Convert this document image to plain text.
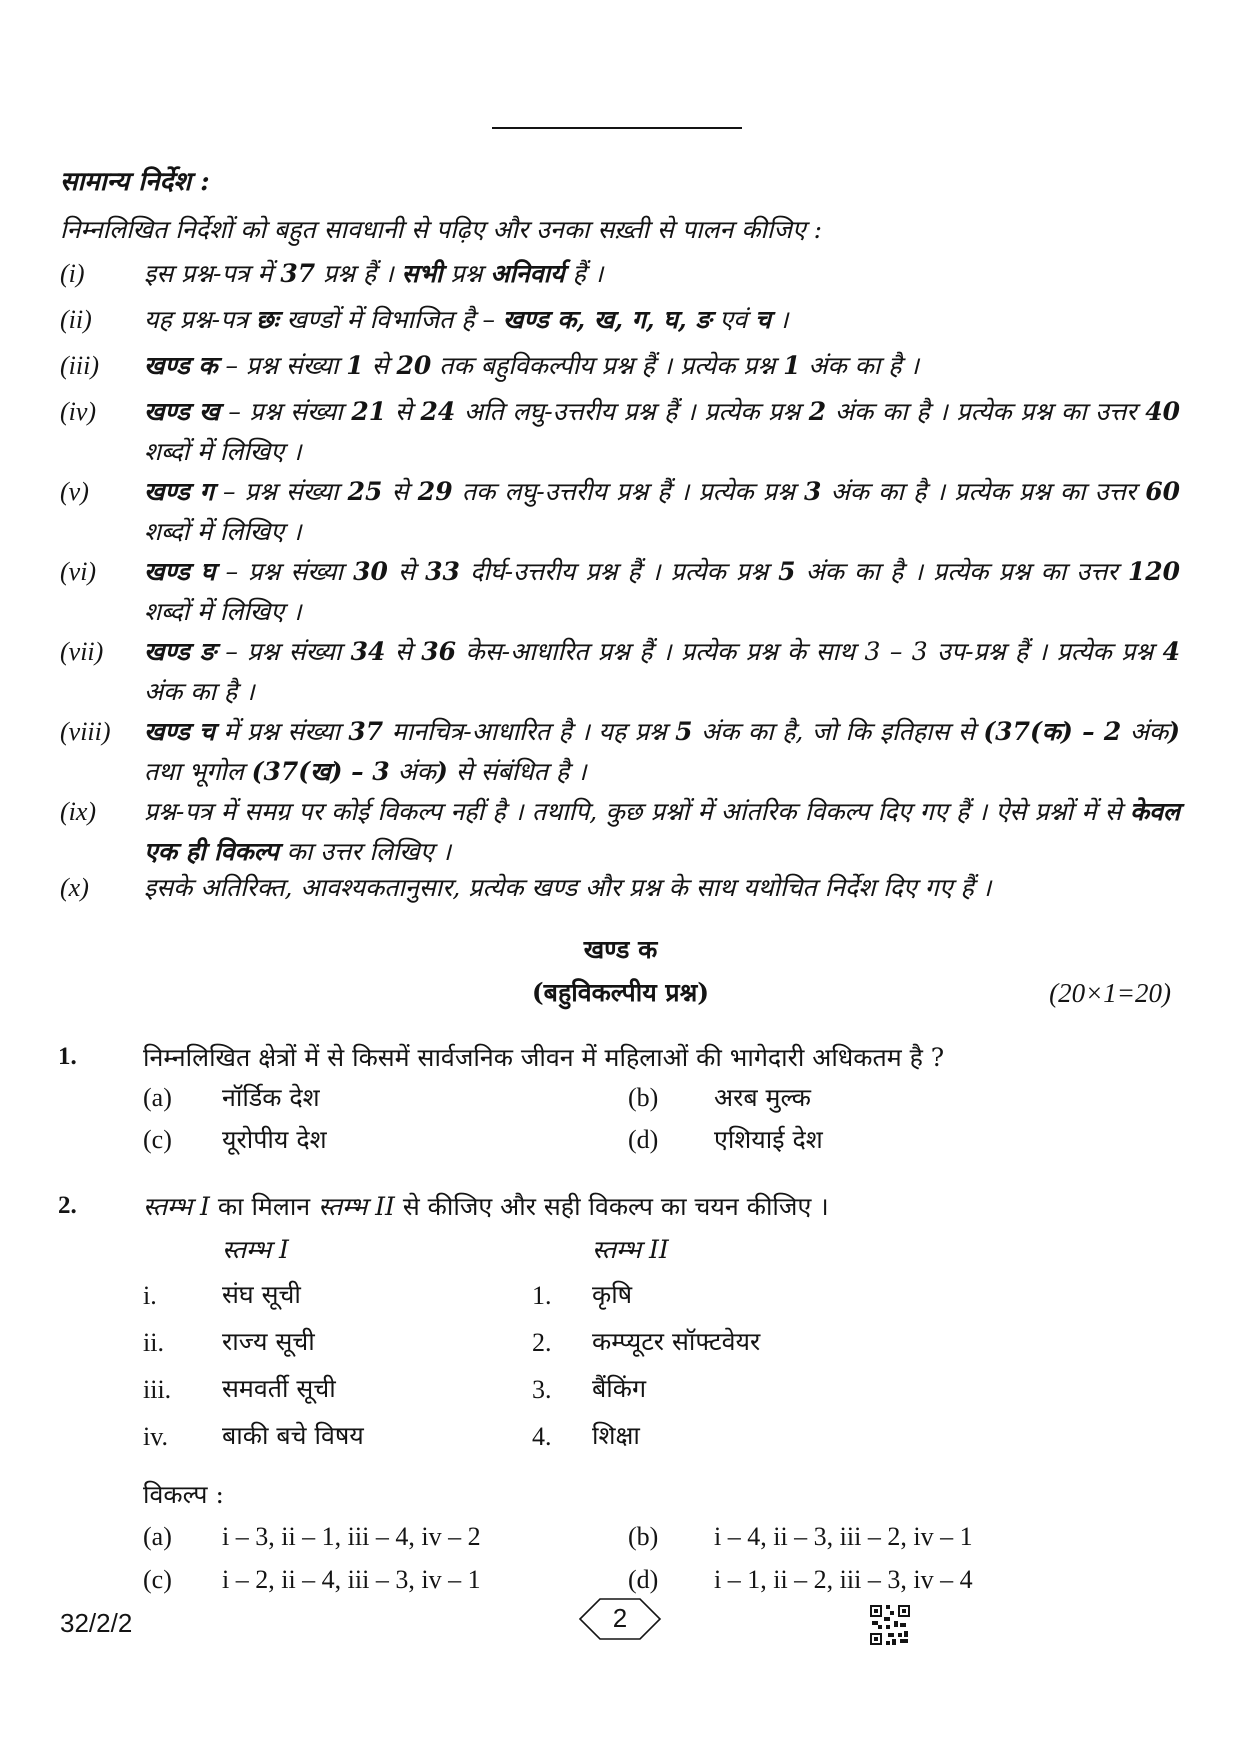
सामान्य निर्देश :
निम्नलिखित निर्देशों को बहुत सावधानी से पढ़िए और उनका सख़्ती से पालन कीजिए :
(i) इस प्रश्न-पत्र में 37 प्रश्न हैं । सभी प्रश्न अनिवार्य हैं ।
(ii) यह प्रश्न-पत्र छः खण्डों में विभाजित है – खण्ड क, ख, ग, घ, ङ एवं च ।
(iii) खण्ड क – प्रश्न संख्या 1 से 20 तक बहुविकल्पीय प्रश्न हैं । प्रत्येक प्रश्न 1 अंक का है ।
(iv) खण्ड ख – प्रश्न संख्या 21 से 24 अति लघु-उत्तरीय प्रश्न हैं । प्रत्येक प्रश्न 2 अंक का है । प्रत्येक प्रश्न का उत्तर 40 शब्दों में लिखिए ।
(v) खण्ड ग – प्रश्न संख्या 25 से 29 तक लघु-उत्तरीय प्रश्न हैं । प्रत्येक प्रश्न 3 अंक का है । प्रत्येक प्रश्न का उत्तर 60 शब्दों में लिखिए ।
(vi) खण्ड घ – प्रश्न संख्या 30 से 33 दीर्घ-उत्तरीय प्रश्न हैं । प्रत्येक प्रश्न 5 अंक का है । प्रत्येक प्रश्न का उत्तर 120 शब्दों में लिखिए ।
(vii) खण्ड ङ – प्रश्न संख्या 34 से 36 केस-आधारित प्रश्न हैं । प्रत्येक प्रश्न के साथ 3 – 3 उप-प्रश्न हैं । प्रत्येक प्रश्न 4 अंक का है ।
(viii) खण्ड च में प्रश्न संख्या 37 मानचित्र-आधारित है । यह प्रश्न 5 अंक का है, जो कि इतिहास से (37(क) – 2 अंक) तथा भूगोल (37(ख) – 3 अंक) से संबंधित है ।
(ix) प्रश्न-पत्र में समग्र पर कोई विकल्प नहीं है । तथापि, कुछ प्रश्नों में आंतरिक विकल्प दिए गए हैं । ऐसे प्रश्नों में से केवल एक ही विकल्प का उत्तर लिखिए ।
(x) इसके अतिरिक्त, आवश्यकतानुसार, प्रत्येक खण्ड और प्रश्न के साथ यथोचित निर्देश दिए गए हैं ।
खण्ड क
(बहुविकल्पीय प्रश्न)	(20×1=20)
1.	निम्नलिखित क्षेत्रों में से किसमें सार्वजनिक जीवन में महिलाओं की भागेदारी अधिकतम है ?
(a) नॉर्डिक देश	(b) अरब मुल्क
(c) यूरोपीय देश	(d) एशियाई देश
2.	स्तम्भ I का मिलान स्तम्भ II से कीजिए और सही विकल्प का चयन कीजिए ।
स्तम्भ I	स्तम्भ II
i.	संघ सूची	1. कृषि
ii. राज्य सूची	2. कम्प्यूटर सॉफ्टवेयर
iii. समवर्ती सूची	3. बैंकिंग
iv. बाकी बचे विषय	4. शिक्षा
विकल्प :
(a) i – 3, ii – 1, iii – 4, iv – 2	(b) i – 4, ii – 3, iii – 2, iv – 1
(c) i – 2, ii – 4, iii – 3, iv – 1	(d) i – 1, ii – 2, iii – 3, iv – 4
32/2/2	2
